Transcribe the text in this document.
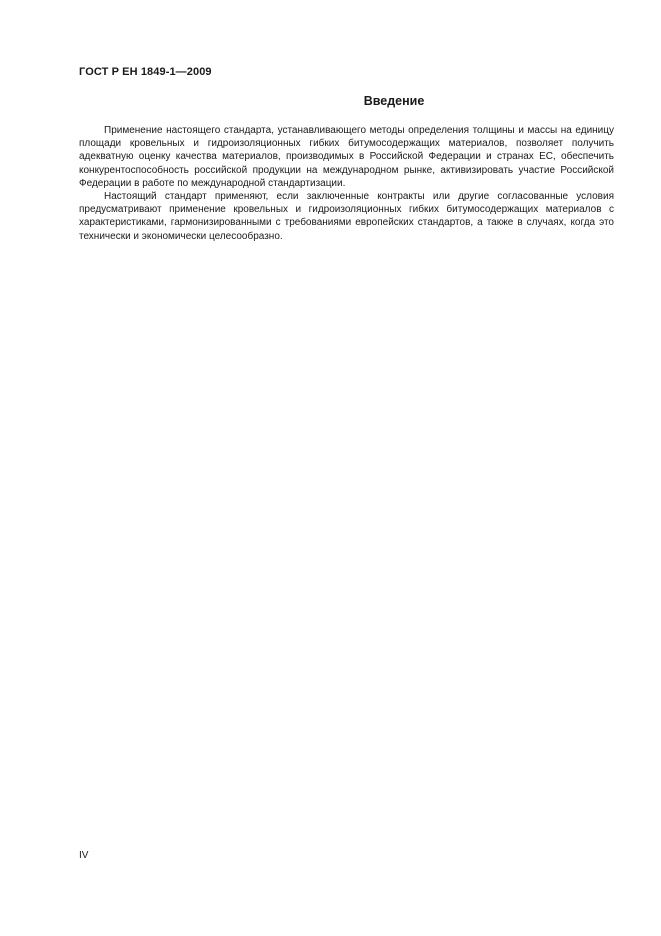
ГОСТ Р ЕН 1849-1—2009
Введение

Применение настоящего стандарта, устанавливающего методы определения толщины и массы на единицу площади кровельных и гидроизоляционных гибких битумосодержащих материалов, позволяет получить адекватную оценку качества материалов, производимых в Российской Федерации и странах ЕС, обеспечить конкурентоспособность российской продукции на международном рынке, активизировать участие Российской Федерации в работе по международной стандартизации.

Настоящий стандарт применяют, если заключенные контракты или другие согласованные условия предусматривают применение кровельных и гидроизоляционных гибких битумосодержащих материалов с характеристиками, гармонизированными с требованиями европейских стандартов, а также в случаях, когда это технически и экономически целесообразно.

IV
